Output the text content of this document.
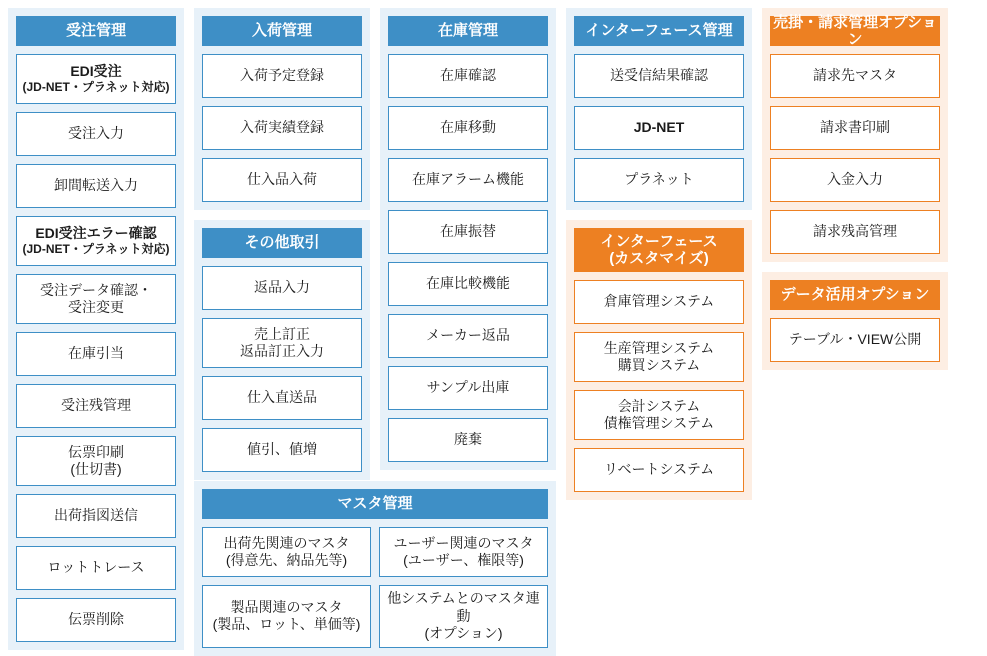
受注管理
EDI受注
(JD-NET・プラネット対応)
受注入力
卸間転送入力
EDI受注エラー確認
(JD-NET・プラネット対応)
受注データ確認・
受注変更
在庫引当
受注残管理
伝票印刷
(仕切書)
出荷指図送信
ロットトレース
伝票削除
入荷管理
入荷予定登録
入荷実績登録
仕入品入荷
その他取引
返品入力
売上訂正
返品訂正入力
仕入直送品
値引、値増
在庫管理
在庫確認
在庫移動
在庫アラーム機能
在庫振替
在庫比較機能
メーカー返品
サンプル出庫
廃棄
インターフェース管理
送受信結果確認
JD-NET
プラネット
インターフェース
(カスタマイズ)
倉庫管理システム
生産管理システム
購買システム
会計システム
債権管理システム
リベートシステム
売掛・請求管理オプション
請求先マスタ
請求書印刷
入金入力
請求残高管理
データ活用オプション
テーブル・VIEW公開
マスタ管理
出荷先関連のマスタ
(得意先、納品先等)
ユーザー関連のマスタ
(ユーザー、権限等)
製品関連のマスタ
(製品、ロット、単価等)
他システムとのマスタ連動
(オプション)
